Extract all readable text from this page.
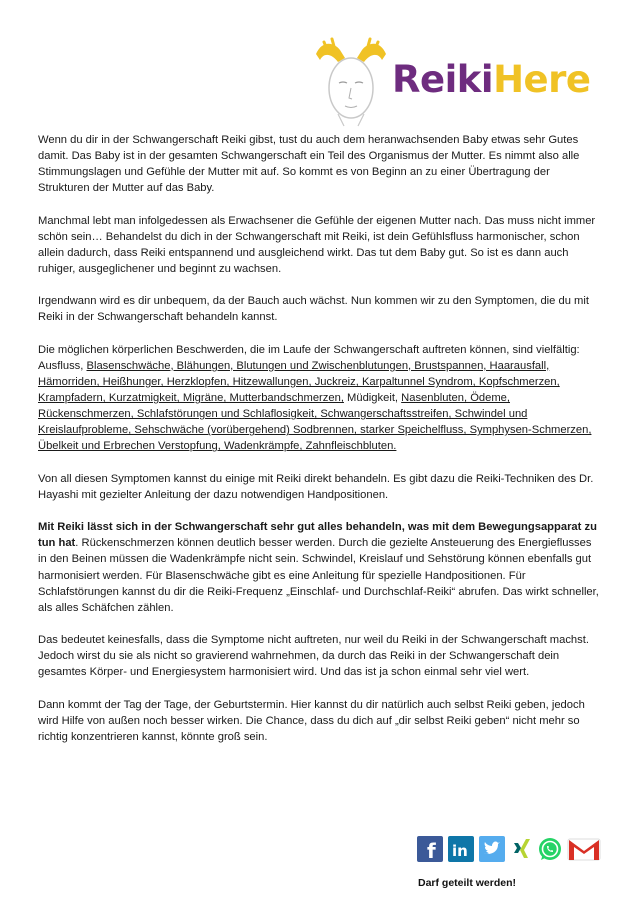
ReikiHere

Wenn du dir in der Schwangerschaft Reiki gibst, tust du auch dem heranwachsenden Baby etwas sehr Gutes damit. Das Baby ist in der gesamten Schwangerschaft ein Teil des Organismus der Mutter. Es nimmt also alle Stimmungslagen und Gefühle der Mutter mit auf. So kommt es von Beginn an zu einer Übertragung der Strukturen der Mutter auf das Baby.

Manchmal lebt man infolgedessen als Erwachsener die Gefühle der eigenen Mutter nach. Das muss nicht immer schön sein… Behandelst du dich in der Schwangerschaft mit Reiki, ist dein Gefühlsfluss harmonischer, schon allein dadurch, dass Reiki entspannend und ausgleichend wirkt. Das tut dem Baby gut. So ist es dann auch ruhiger, ausgeglichener und beginnt zu wachsen.

Irgendwann wird es dir unbequem, da der Bauch auch wächst. Nun kommen wir zu den Symptomen, die du mit Reiki in der Schwangerschaft behandeln kannst.

Die möglichen körperlichen Beschwerden, die im Laufe der Schwangerschaft auftreten können, sind vielfältig: Ausfluss, Blasenschwäche, Blähungen, Blutungen und Zwischenblutungen, Brustspannen, Haarausfall, Hämorriden, Heißhunger, Herzklopfen, Hitzewallungen, Juckreiz, Karpaltunnel Syndrom, Kopfschmerzen, Krampfadern, Kurzatmigkeit, Migräne, Mutterbandschmerzen, Müdigkeit, Nasenbluten, Ödeme, Rückenschmerzen, Schlafstörungen und Schlaflosigkeit, Schwangerschaftsstreifen, Schwindel und Kreislaufprobleme, Sehschwäche (vorübergehend) Sodbrennen, starker Speichelfluss, Symphysen-Schmerzen, Übelkeit und Erbrechen Verstopfung, Wadenkrämpfe, Zahnfleischbluten.

Von all diesen Symptomen kannst du einige mit Reiki direkt behandeln. Es gibt dazu die Reiki-Techniken des Dr. Hayashi mit gezielter Anleitung der dazu notwendigen Handpositionen.

Mit Reiki lässt sich in der Schwangerschaft sehr gut alles behandeln, was mit dem Bewegungsapparat zu tun hat. Rückenschmerzen können deutlich besser werden. Durch die gezielte Ansteuerung des Energieflusses in den Beinen müssen die Wadenkrämpfe nicht sein. Schwindel, Kreislauf und Sehstörung können ebenfalls gut harmonisiert werden. Für Blasenschwäche gibt es eine Anleitung für spezielle Handpositionen. Für Schlafstörungen kannst du dir die Reiki-Frequenz „Einschlaf- und Durchschlaf-Reiki“ abrufen. Das wirkt schneller, als alles Schäfchen zählen.

Das bedeutet keinesfalls, dass die Symptome nicht auftreten, nur weil du Reiki in der Schwangerschaft machst. Jedoch wirst du sie als nicht so gravierend wahrnehmen, da durch das Reiki in der Schwangerschaft dein gesamtes Körper- und Energiesystem harmonisiert wird. Und das ist ja schon einmal sehr viel wert.

Dann kommt der Tag der Tage, der Geburtstermin. Hier kannst du dir natürlich auch selbst Reiki geben, jedoch wird Hilfe von außen noch besser wirken. Die Chance, dass du dich auf „dir selbst Reiki geben“ nicht mehr so richtig konzentrieren kannst, könnte groß sein.

f in
Darf geteilt werden!
